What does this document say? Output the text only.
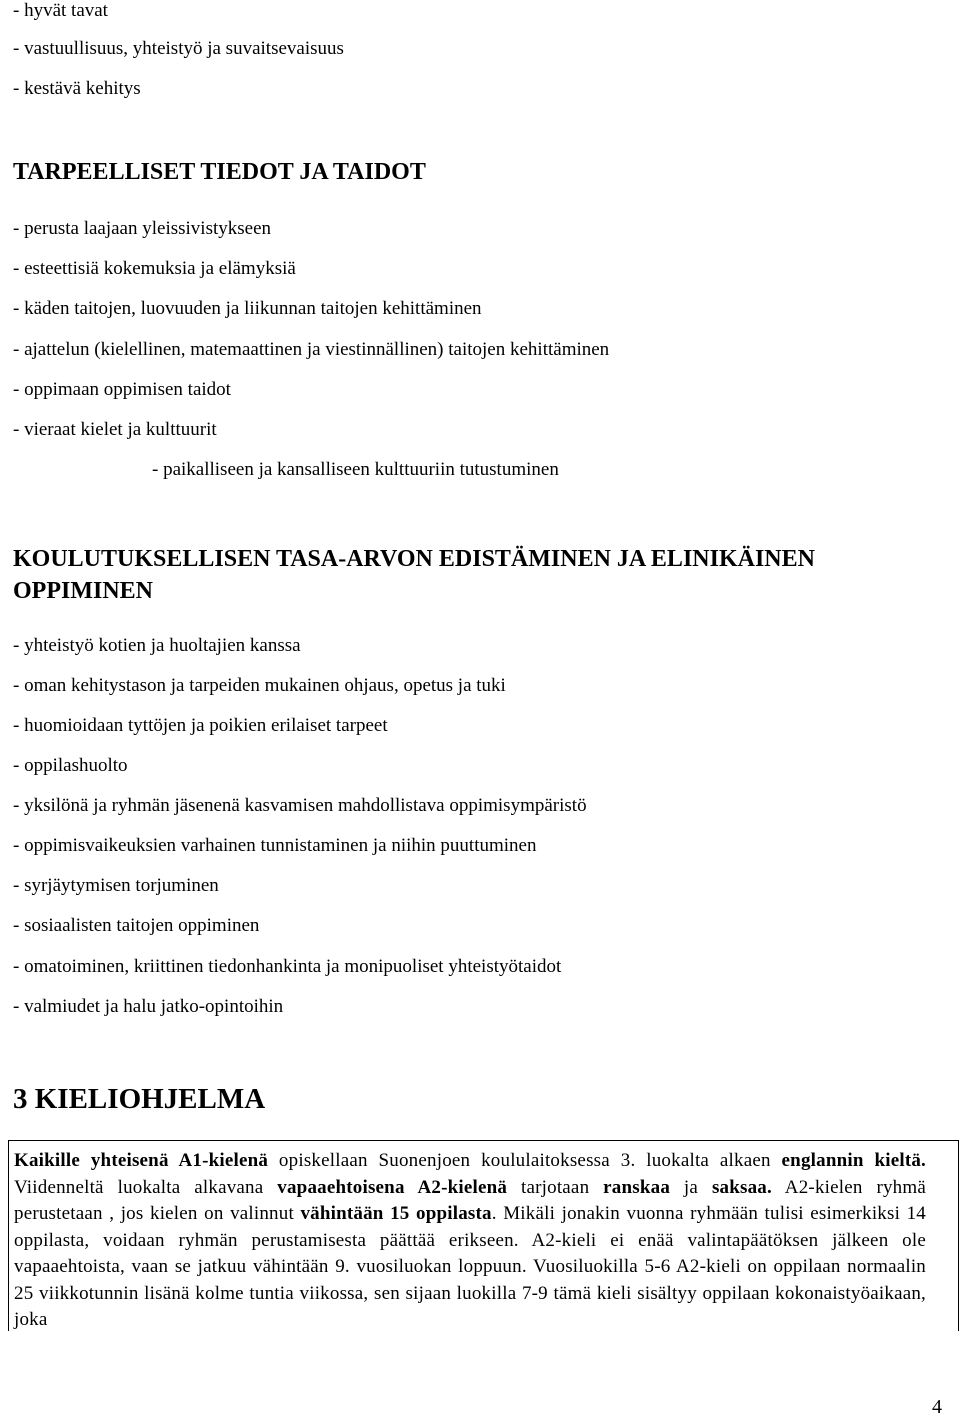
- hyvät tavat
- vastuullisuus, yhteistyö ja suvaitsevaisuus
- kestävä kehitys
TARPEELLISET TIEDOT JA TAIDOT
- perusta laajaan yleissivistykseen
- esteettisiä kokemuksia ja elämyksiä
- käden taitojen, luovuuden ja liikunnan taitojen kehittäminen
- ajattelun (kielellinen, matemaattinen ja viestinnällinen) taitojen kehittäminen
- oppimaan oppimisen taidot
- vieraat kielet ja kulttuurit
- paikalliseen ja kansalliseen kulttuuriin tutustuminen
KOULUTUKSELLISEN TASA-ARVON EDISTÄMINEN JA ELINIKÄINEN
OPPIMINEN
- yhteistyö kotien ja huoltajien kanssa
- oman kehitystason ja tarpeiden mukainen ohjaus, opetus ja tuki
- huomioidaan tyttöjen ja poikien erilaiset tarpeet
- oppilashuolto
- yksilönä ja ryhmän jäsenenä kasvamisen mahdollistava oppimisympäristö
- oppimisvaikeuksien varhainen tunnistaminen ja niihin puuttuminen
- syrjäytymisen torjuminen
- sosiaalisten taitojen oppiminen
- omatoiminen, kriittinen tiedonhankinta ja monipuoliset yhteistyötaidot
- valmiudet ja halu jatko-opintoihin
3 KIELIOHJELMA

Kaikille yhteisenä A1-kielenä opiskellaan Suonenjoen koululaitoksessa 3. luokalta alkaen englannin kieltä. Viidenneltä luokalta alkavana vapaaehtoisena A2-kielenä tarjotaan ranskaa ja saksaa. A2-kielen ryhmä perustetaan , jos kielen on valinnut vähintään 15 oppilasta. Mikäli jonakin vuonna ryhmään tulisi esimerkiksi 14 oppilasta, voidaan ryhmän perustamisesta päättää erikseen. A2-kieli ei enää valintapäätöksen jälkeen ole vapaaehtoista, vaan se jatkuu vähintään 9. vuosiluokan loppuun. Vuosiluokilla 5-6 A2-kieli on oppilaan normaalin 25 viikkotunnin lisänä kolme tuntia viikossa, sen sijaan luokilla 7-9 tämä kieli sisältyy oppilaan kokonaistyöaikaan, joka

4
